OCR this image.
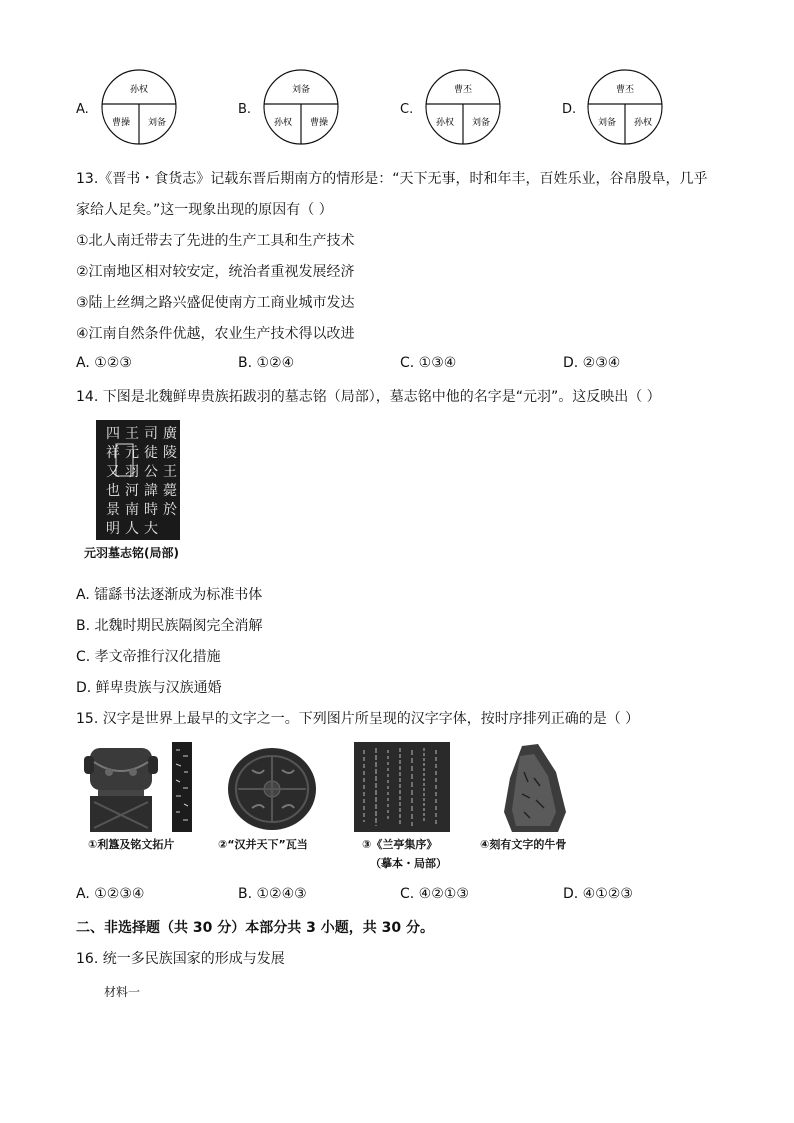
A.
孙权
曹操 刘备
B.
刘备
孙权 曹操
C.
曹丕
孙权 刘备
D.
曹丕
刘备 孙权
13.《晋书・食货志》记载东晋后期南方的情形是：“天下无事，时和年丰，百姓乐业，谷帛殷阜，几乎
家给人足矣。”这一现象出现的原因有（ ）
①北人南迁带去了先进的生产工具和生产技术
②江南地区相对较安定，统治者重视发展经济
③陆上丝绸之路兴盛促使南方工商业城市发达
④江南自然条件优越，农业生产技术得以改进
A. ①②③	B. ①②④	C. ①③④	D. ②③④
14. 下图是北魏鲜卑贵族拓跋羽的墓志铭（局部），墓志铭中他的名字是“元羽”。这反映出（ ）
廣
陵
王
薨
於
司
徒
公
諱
時
大
王
元
羽
河
南
人
四
祥
又
也
景
明
元羽墓志铭(局部)
A. 镭繇书法逐渐成为标准书体
B. 北魏时期民族隔阂完全消解
C. 孝文帝推行汉化措施
D. 鲜卑贵族与汉族通婚
15. 汉字是世界上最早的文字之一。下列图片所呈现的汉字字体，按时序排列正确的是（ ）
①利簋及铭文拓片	②“汉并天下”瓦当	③《兰亭集序》
（摹本・局部）
④刻有文字的牛骨
A. ①②③④	B. ①②④③	C. ④②①③	D. ④①②③
二、非选择题（共 30 分）本部分共 3 小题，共 30 分。
16. 统一多民族国家的形成与发展
材料一
